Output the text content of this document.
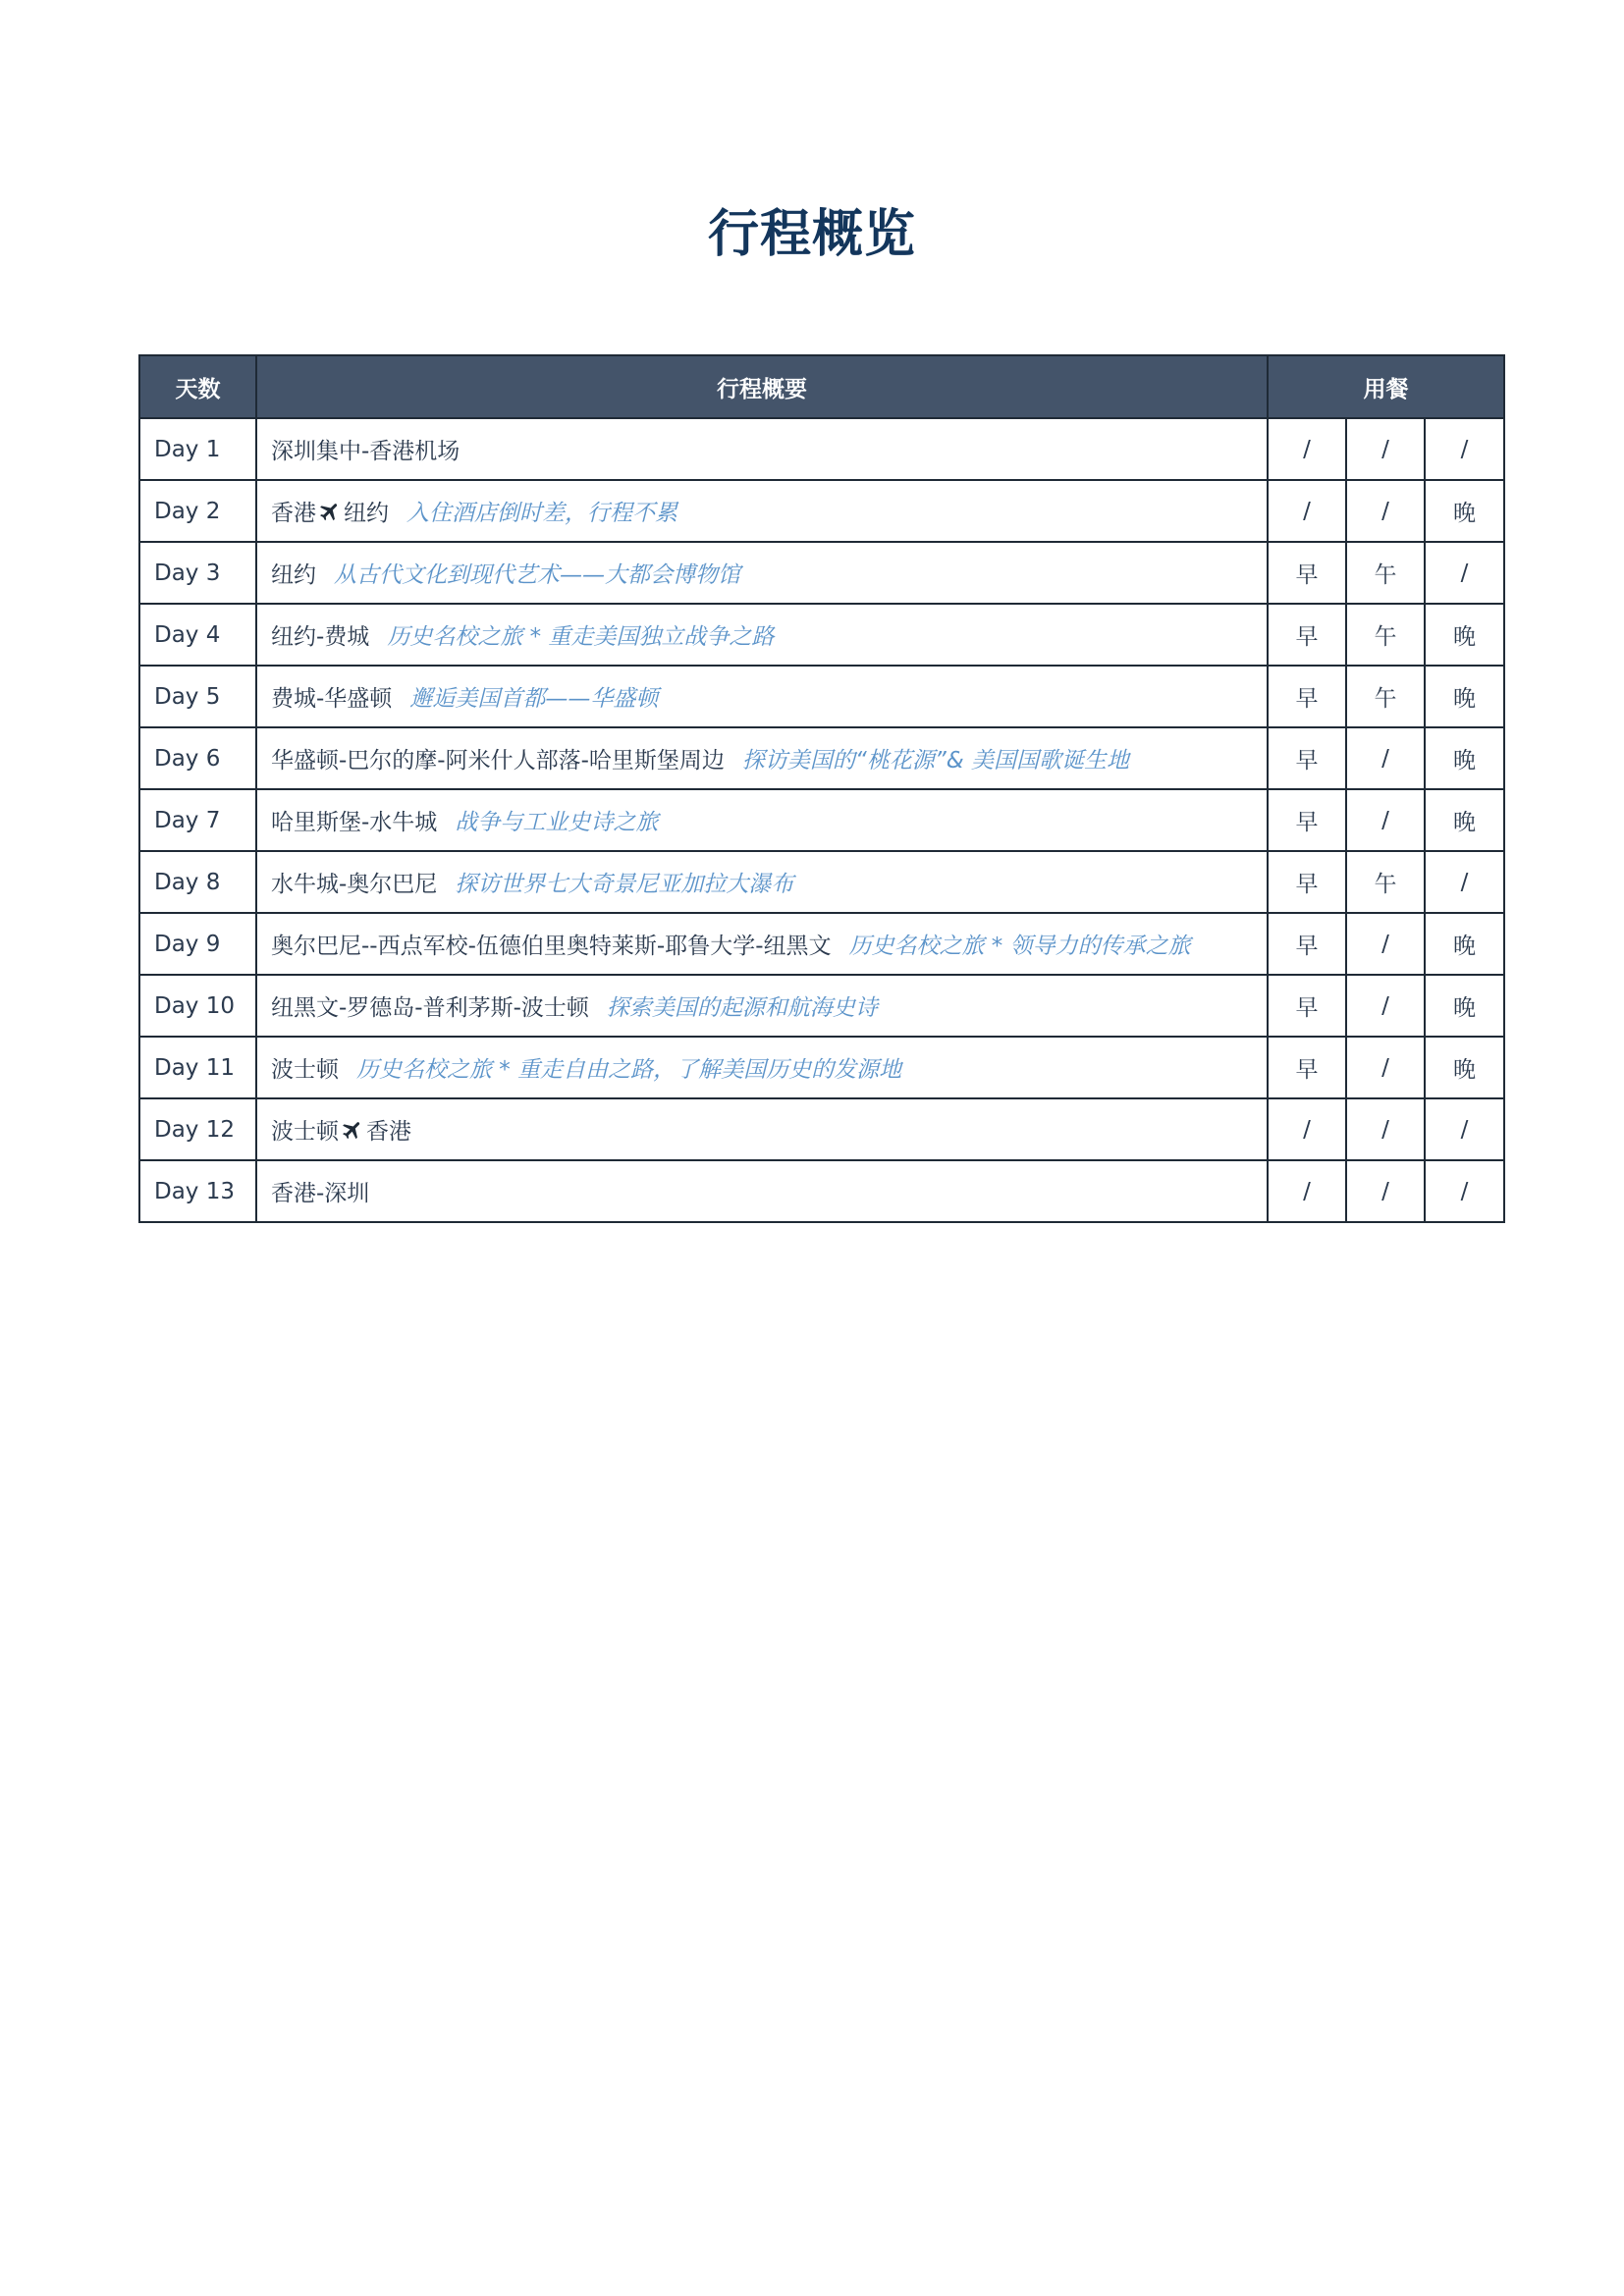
行程概览
天数	行程概要	用餐		
Day 1	深圳集中-香港机场	/	/	/
Day 2	香港 纽约 入住酒店倒时差，行程不累	/	/	晚
Day 3	纽约 从古代文化到现代艺术——大都会博物馆	早	午	/
Day 4	纽约-费城 历史名校之旅 * 重走美国独立战争之路	早	午	晚
Day 5	费城-华盛顿 邂逅美国首都——华盛顿	早	午	晚
Day 6	华盛顿-巴尔的摩-阿米什人部落-哈里斯堡周边 探访美国的“桃花源”& 美国国歌诞生地	早	/	晚
Day 7	哈里斯堡-水牛城 战争与工业史诗之旅	早	/	晚
Day 8	水牛城-奥尔巴尼 探访世界七大奇景尼亚加拉大瀑布	早	午	/
Day 9	奥尔巴尼--西点军校-伍德伯里奥特莱斯-耶鲁大学-纽黑文 历史名校之旅 * 领导力的传承之旅	早	/	晚
Day 10	纽黑文-罗德岛-普利茅斯-波士顿 探索美国的起源和航海史诗	早	/	晚
Day 11	波士顿 历史名校之旅 * 重走自由之路，了解美国历史的发源地	早	/	晚
Day 12	波士顿 香港	/	/	/
Day 13	香港-深圳	/	/	/
